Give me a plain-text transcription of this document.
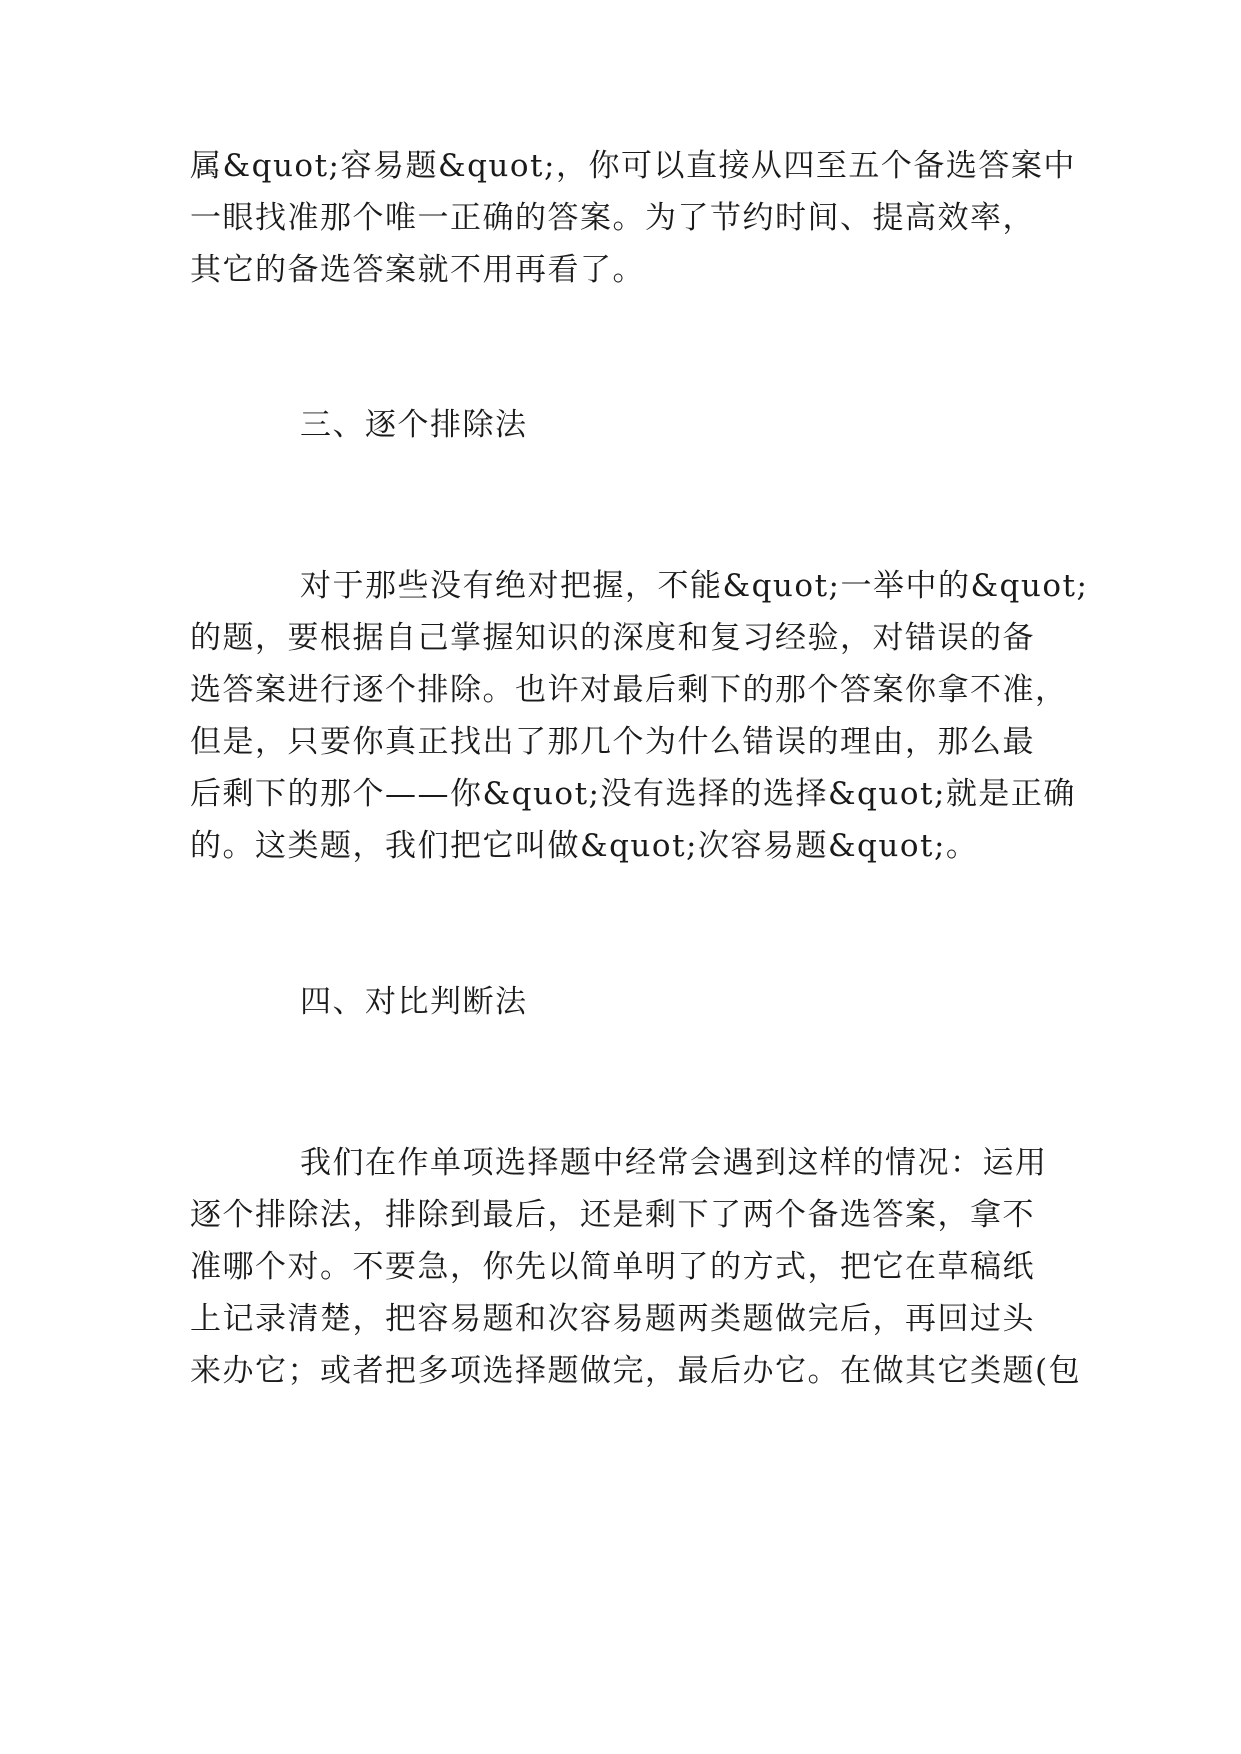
属&quot;容易题&quot;，你可以直接从四至五个备选答案中
一眼找准那个唯一正确的答案。为了节约时间、提高效率，
其它的备选答案就不用再看了。
三、逐个排除法
对于那些没有绝对把握，不能&quot;一举中的&quot;
的题，要根据自己掌握知识的深度和复习经验，对错误的备
选答案进行逐个排除。也许对最后剩下的那个答案你拿不准，
但是，只要你真正找出了那几个为什么错误的理由，那么最
后剩下的那个——你&quot;没有选择的选择&quot;就是正确
的。这类题，我们把它叫做&quot;次容易题&quot;。
四、对比判断法
我们在作单项选择题中经常会遇到这样的情况：运用
逐个排除法，排除到最后，还是剩下了两个备选答案，拿不
准哪个对。不要急，你先以简单明了的方式，把它在草稿纸
上记录清楚，把容易题和次容易题两类题做完后，再回过头
来办它；或者把多项选择题做完，最后办它。在做其它类题(包
